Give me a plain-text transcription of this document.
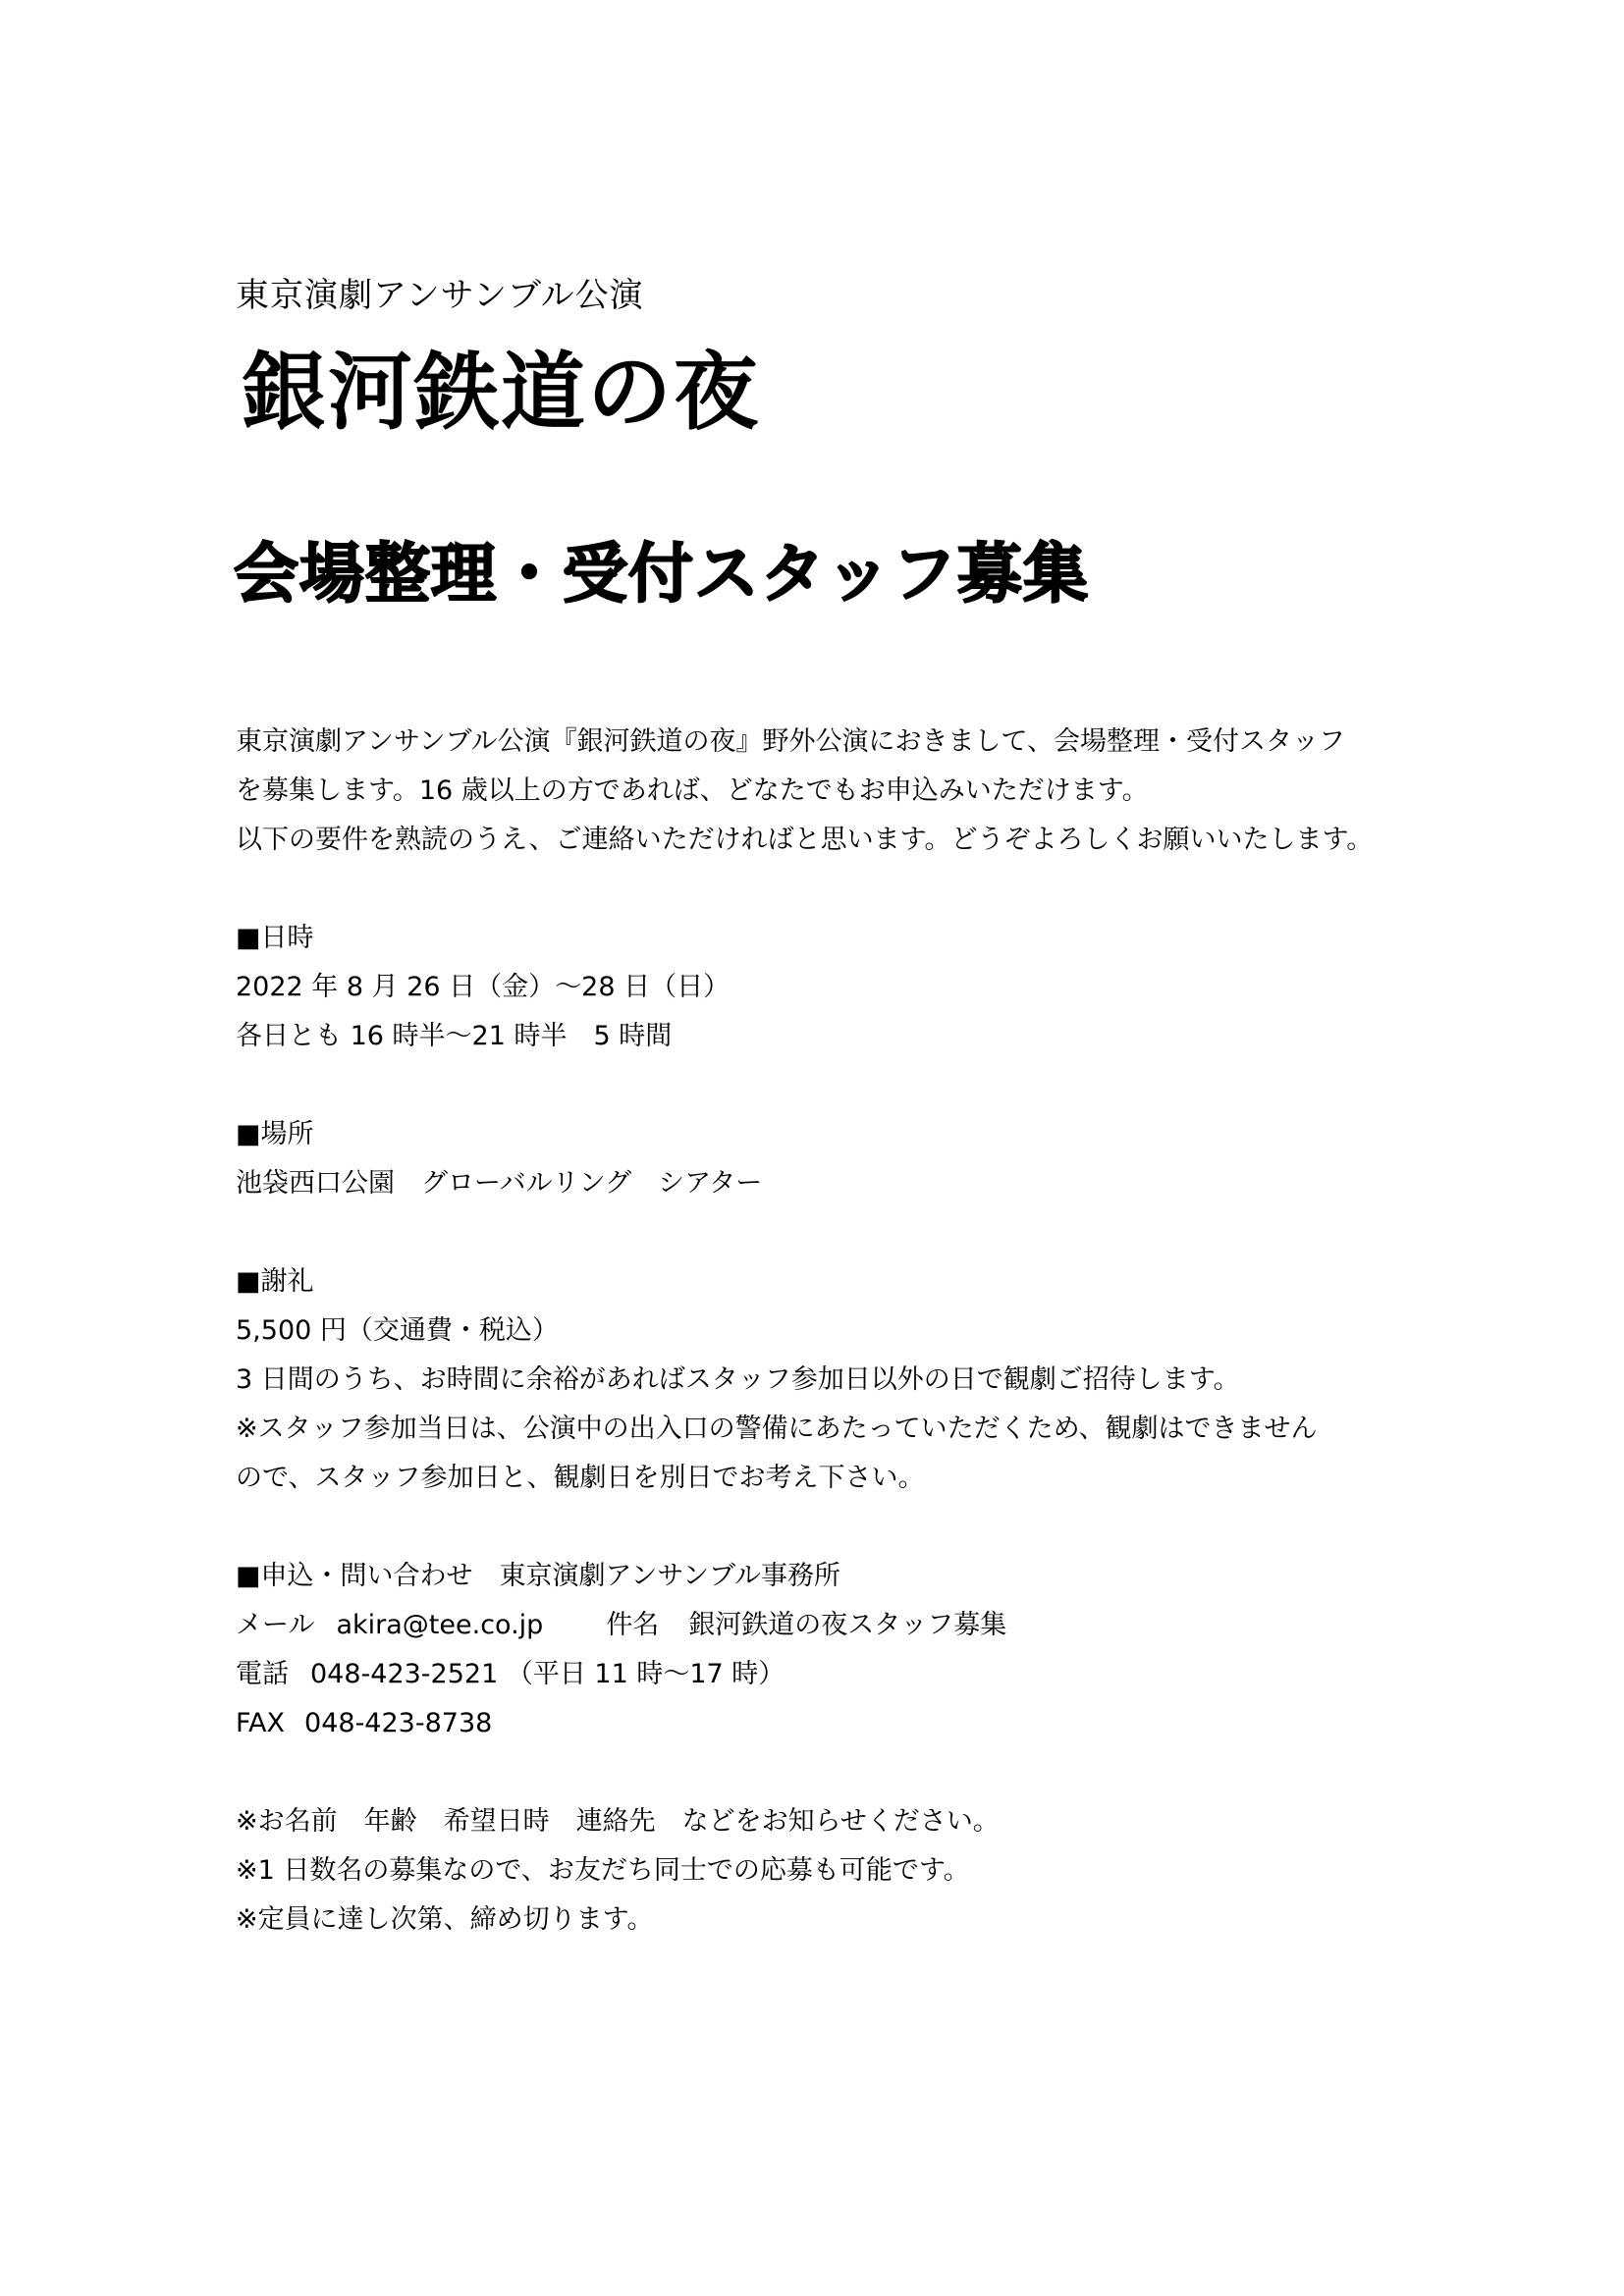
東京演劇アンサンブル公演
銀河鉄道の夜
会場整理・受付スタッフ募集
東京演劇アンサンブル公演『銀河鉄道の夜』野外公演におきまして、会場整理・受付スタッフ
を募集します。16 歳以上の方であれば、どなたでもお申込みいただけます。
以下の要件を熟読のうえ、ご連絡いただければと思います。どうぞよろしくお願いいたします。
■日時
2022 年 8 月 26 日（金）〜28 日（日）
各日とも 16 時半〜21 時半　5 時間
■場所
池袋西口公園　グローバルリング　シアター
■謝礼
5,500 円（交通費・税込）
3 日間のうち、お時間に余裕があればスタッフ参加日以外の日で観劇ご招待します。
※スタッフ参加当日は、公演中の出入口の警備にあたっていただくため、観劇はできません
ので、スタッフ参加日と、観劇日を別日でお考え下さい。
■申込・問い合わせ　東京演劇アンサンブル事務所
メール akira@tee.co.jp 件名 銀河鉄道の夜スタッフ募集
電話 048-423-2521 （平日 11 時〜17 時）
FAX 048-423-8738
※お名前　年齢　希望日時　連絡先　などをお知らせください。
※1 日数名の募集なので、お友だち同士での応募も可能です。
※定員に達し次第、締め切ります。
